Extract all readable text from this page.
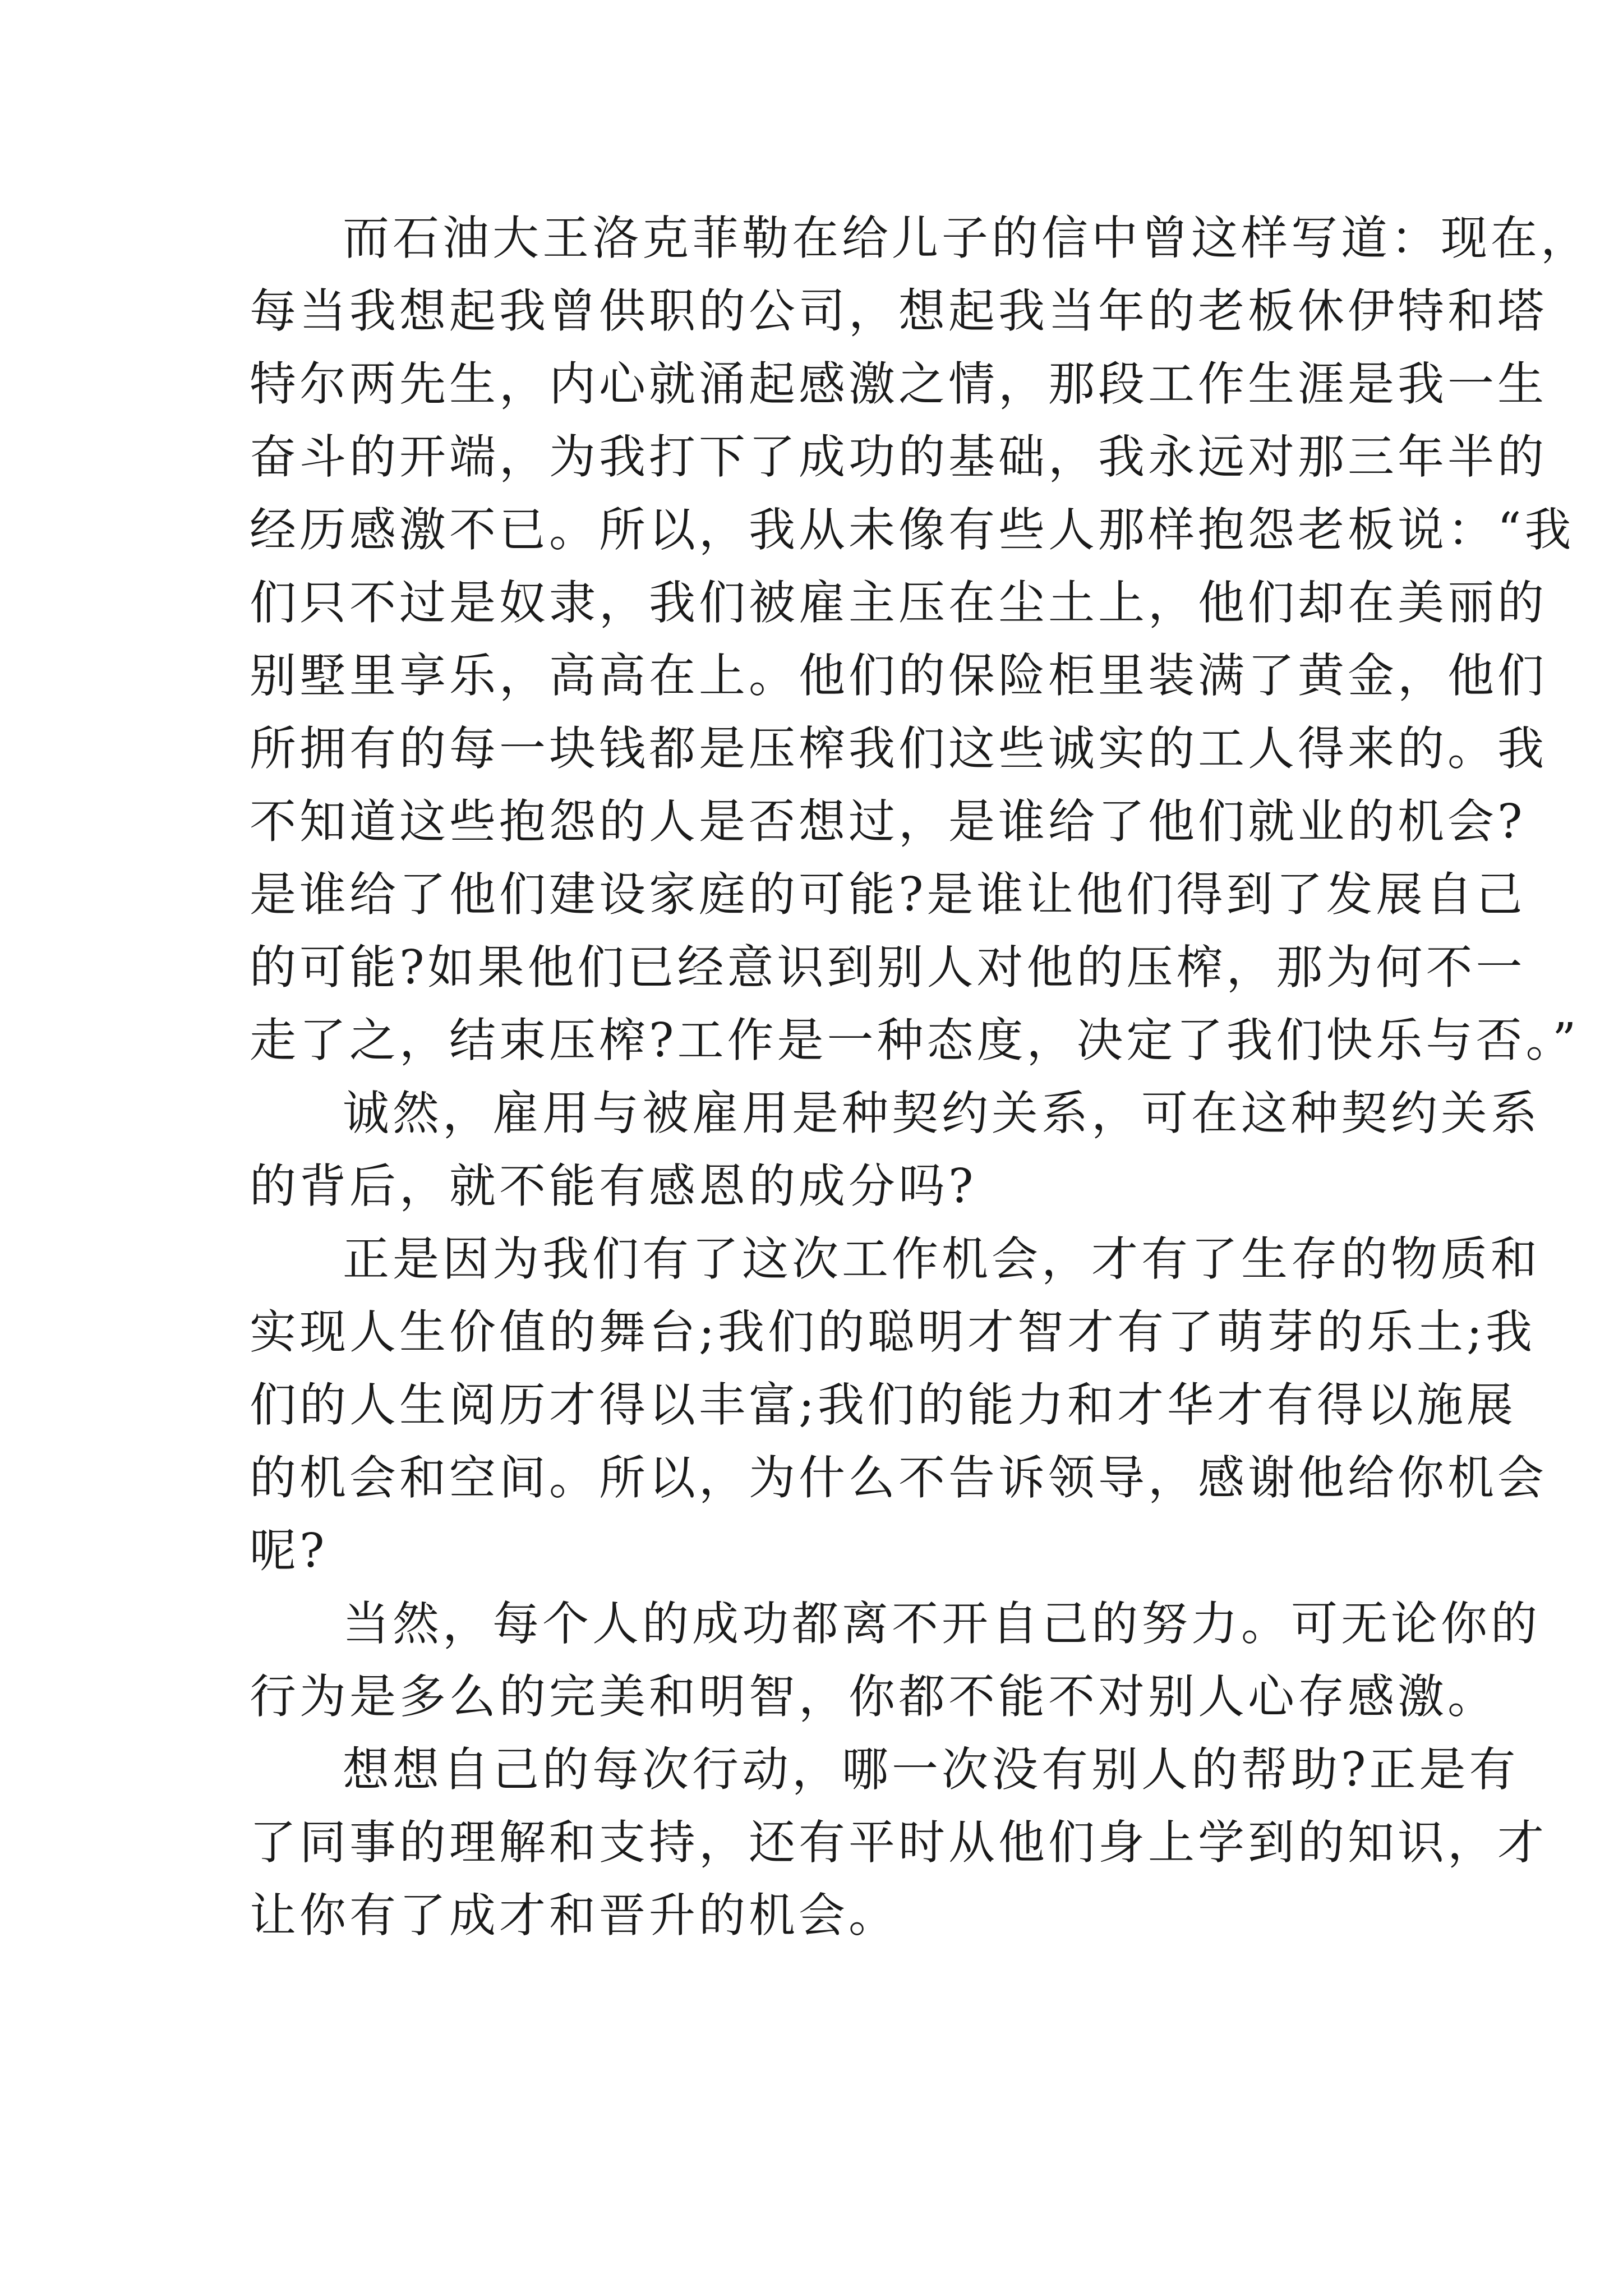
而石油大王洛克菲勒在给儿子的信中曾这样写道：现在，
每当我想起我曾供职的公司，想起我当年的老板休伊特和塔
特尔两先生，内心就涌起感激之情，那段工作生涯是我一生
奋斗的开端，为我打下了成功的基础，我永远对那三年半的
经历感激不已。所以，我从未像有些人那样抱怨老板说：“我
们只不过是奴隶，我们被雇主压在尘土上，他们却在美丽的
别墅里享乐，高高在上。他们的保险柜里装满了黄金，他们
所拥有的每一块钱都是压榨我们这些诚实的工人得来的。我
不知道这些抱怨的人是否想过，是谁给了他们就业的机会?
是谁给了他们建设家庭的可能?是谁让他们得到了发展自己
的可能?如果他们已经意识到别人对他的压榨，那为何不一
走了之，结束压榨?工作是一种态度，决定了我们快乐与否。”
诚然，雇用与被雇用是种契约关系，可在这种契约关系
的背后，就不能有感恩的成分吗?
正是因为我们有了这次工作机会，才有了生存的物质和
实现人生价值的舞台;我们的聪明才智才有了萌芽的乐土;我
们的人生阅历才得以丰富;我们的能力和才华才有得以施展
的机会和空间。所以，为什么不告诉领导，感谢他给你机会
呢?
当然，每个人的成功都离不开自己的努力。可无论你的
行为是多么的完美和明智，你都不能不对别人心存感激。
想想自己的每次行动，哪一次没有别人的帮助?正是有
了同事的理解和支持，还有平时从他们身上学到的知识，才
让你有了成才和晋升的机会。
